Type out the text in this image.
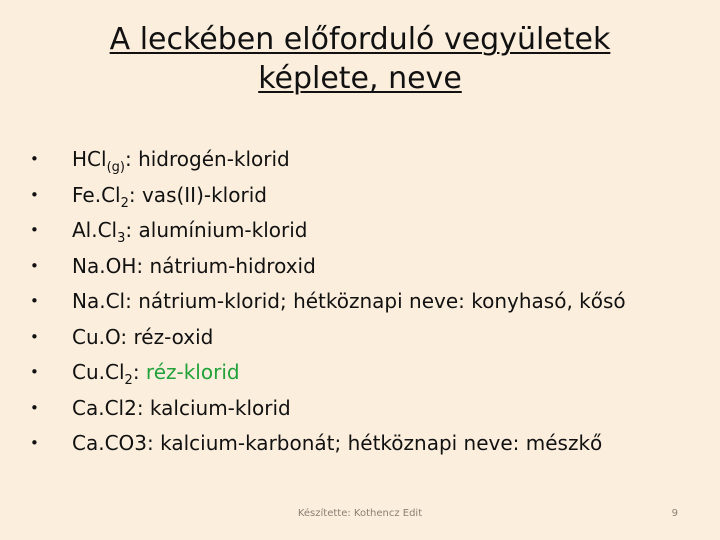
A leckében előforduló vegyületek
képlete, neve
• HCl$_{(g)}$: hidrogén-klorid
• $Fe.Cl_2$: vas(II)-klorid
• $Al.Cl_3$: alumínium-klorid
• Na.OH: nátrium-hidroxid
• Na.Cl: nátrium-klorid; hétköznapi neve: konyhasó, kősó
• Cu.O: réz-oxid
• $Cu.Cl_2$: réz-klorid
• Ca.Cl2: kalcium-klorid
• Ca.CO3: kalcium-karbonát; hétköznapi neve: mészkő
Készítette: Kothencz Edit	9
